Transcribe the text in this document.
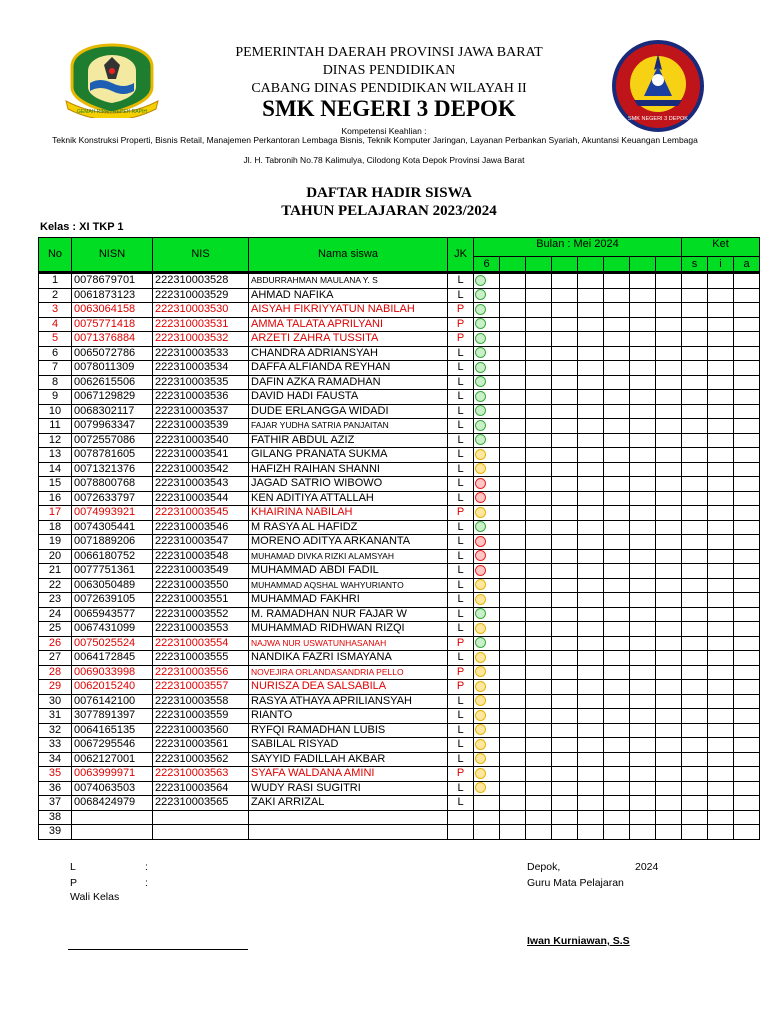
GEMAH RIPAH REPEH RAPIH
SMK NEGERI 3 DEPOK
PEMERINTAH DAERAH PROVINSI JAWA BARAT
DINAS PENDIDIKAN
CABANG DINAS PENDIDIKAN WILAYAH II
SMK NEGERI 3 DEPOK
Kompetensi Keahlian :
Teknik Konstruksi Properti, Bisnis Retail, Manajemen Perkantoran Lembaga Bisnis, Teknik Komputer Jaringan, Layanan Perbankan Syariah, Akuntansi Keuangan Lembaga
Jl. H. Tabronih No.78 Kalimulya, Cilodong Kota Depok Provinsi Jawa Barat
DAFTAR HADIR SISWA
TAHUN PELAJARAN 2023/2024
Kelas : XI TKP 1
No	NISN	NIS	Nama siswa	JK	Bulan : Mei 2024								Ket		
					6								s	i	a
1	0078679701	222310003528	ABDURRAHMAN MAULANA Y. S	L											
2	0061873123	222310003529	AHMAD NAFIKA	L											
3	0063064158	222310003530	AISYAH FIKRIYYATUN NABILAH	P											
4	0075771418	222310003531	AMMA TALATA APRILYANI	P											
5	0071376884	222310003532	ARZETI ZAHRA TUSSITA	P											
6	0065072786	222310003533	CHANDRA ADRIANSYAH	L											
7	0078011309	222310003534	DAFFA ALFIANDA REYHAN	L											
8	0062615506	222310003535	DAFIN AZKA RAMADHAN	L											
9	0067129829	222310003536	DAVID HADI FAUSTA	L											
10	0068302117	222310003537	DUDE ERLANGGA WIDADI	L											
11	0079963347	222310003539	FAJAR YUDHA SATRIA PANJAITAN	L											
12	0072557086	222310003540	FATHIR ABDUL AZIZ	L											
13	0078781605	222310003541	GILANG PRANATA SUKMA	L											
14	0071321376	222310003542	HAFIZH RAIHAN SHANNI	L											
15	0078800768	222310003543	JAGAD SATRIO WIBOWO	L											
16	0072633797	222310003544	KEN ADITIYA ATTALLAH	L											
17	0074993921	222310003545	KHAIRINA NABILAH	P											
18	0074305441	222310003546	M RASYA AL HAFIDZ	L											
19	0071889206	222310003547	MORENO ADITYA ARKANANTA	L											
20	0066180752	222310003548	MUHAMAD DIVKA RIZKI ALAMSYAH	L											
21	0077751361	222310003549	MUHAMMAD ABDI FADIL	L											
22	0063050489	222310003550	MUHAMMAD AQSHAL WAHYURIANTO	L											
23	0072639105	222310003551	MUHAMMAD FAKHRI	L											
24	0065943577	222310003552	M. RAMADHAN NUR FAJAR W	L											
25	0067431099	222310003553	MUHAMMAD RIDHWAN RIZQI	L											
26	0075025524	222310003554	NAJWA NUR USWATUNHASANAH	P											
27	0064172845	222310003555	NANDIKA FAZRI ISMAYANA	L											
28	0069033998	222310003556	NOVEJIRA ORLANDASANDRIA PELLO	P											
29	0062015240	222310003557	NURISZA DEA SALSABILA	P											
30	0076142100	222310003558	RASYA ATHAYA APRILIANSYAH	L											
31	3077891397	222310003559	RIANTO	L											
32	0064165135	222310003560	RYFQI RAMADHAN LUBIS	L											
33	0067295546	222310003561	SABILAL RISYAD	L											
34	0062127001	222310003562	SAYYID FADILLAH AKBAR	L											
35	0063999971	222310003563	SYAFA WALDANA AMINI	P											
36	0074063503	222310003564	WUDY RASI SUGITRI	L											
37	0068424979	222310003565	ZAKI ARRIZAL	L											
38															
39															
L	:
P	:
Wali Kelas
Depok,	2024
Guru Mata Pelajaran
Iwan Kurniawan, S.S
